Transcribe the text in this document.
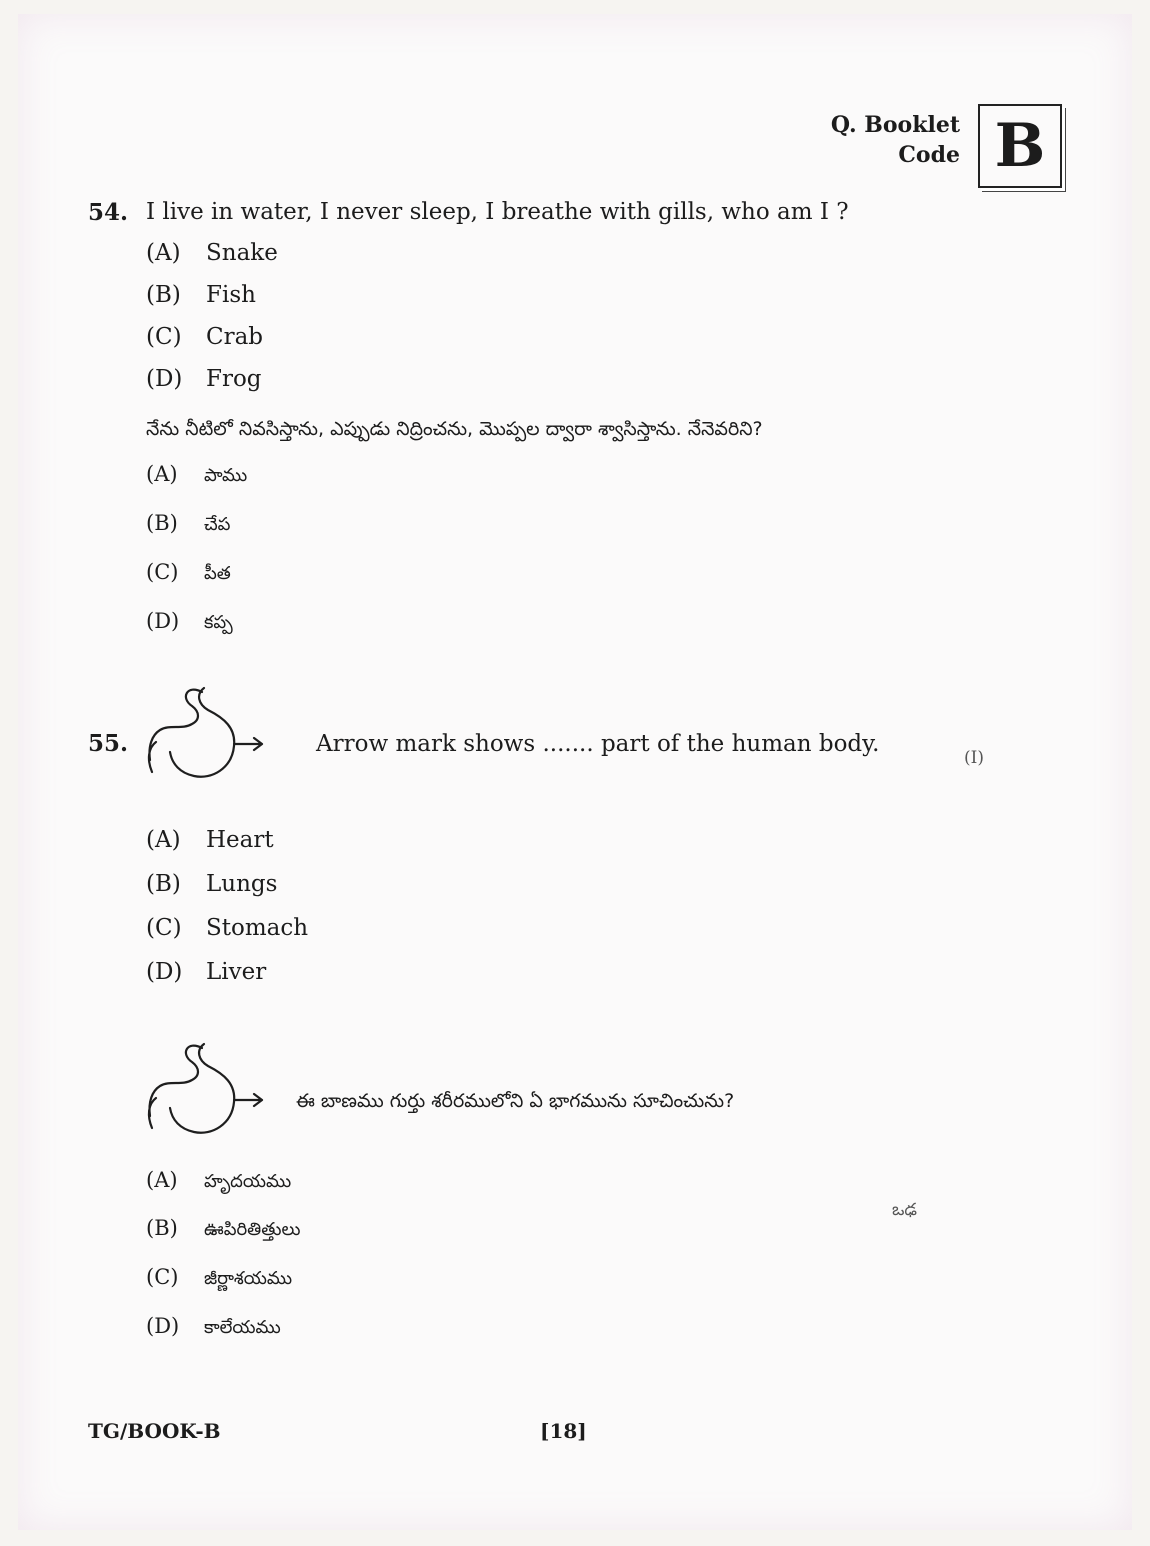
Q. Booklet
Code B
54. I live in water, I never sleep, I breathe with gills, who am I ?
(A) Snake
(B) Fish
(C) Crab
(D) Frog
నేను నీటిలో నివసిస్తాను, ఎప్పుడు నిద్రించను, మొప్పల ద్వారా శ్వాసిస్తాను. నేనెవరిని?
(A) పాము
(B) చేప
(C) పీత
(D) కప్ప
55.	Arrow mark shows ....... part of the human body.
(I)
(A) Heart
(B) Lungs
(C) Stomach
(D) Liver
ఈ బాణము గుర్తు శరీరములోని ఏ భాగమును సూచించును?
(A) హృదయము
(B) ఊపిరితిత్తులు
(C) జీర్ణాశయము
(D) కాలేయము
ఒఢ
TG/BOOK-B	[18]
